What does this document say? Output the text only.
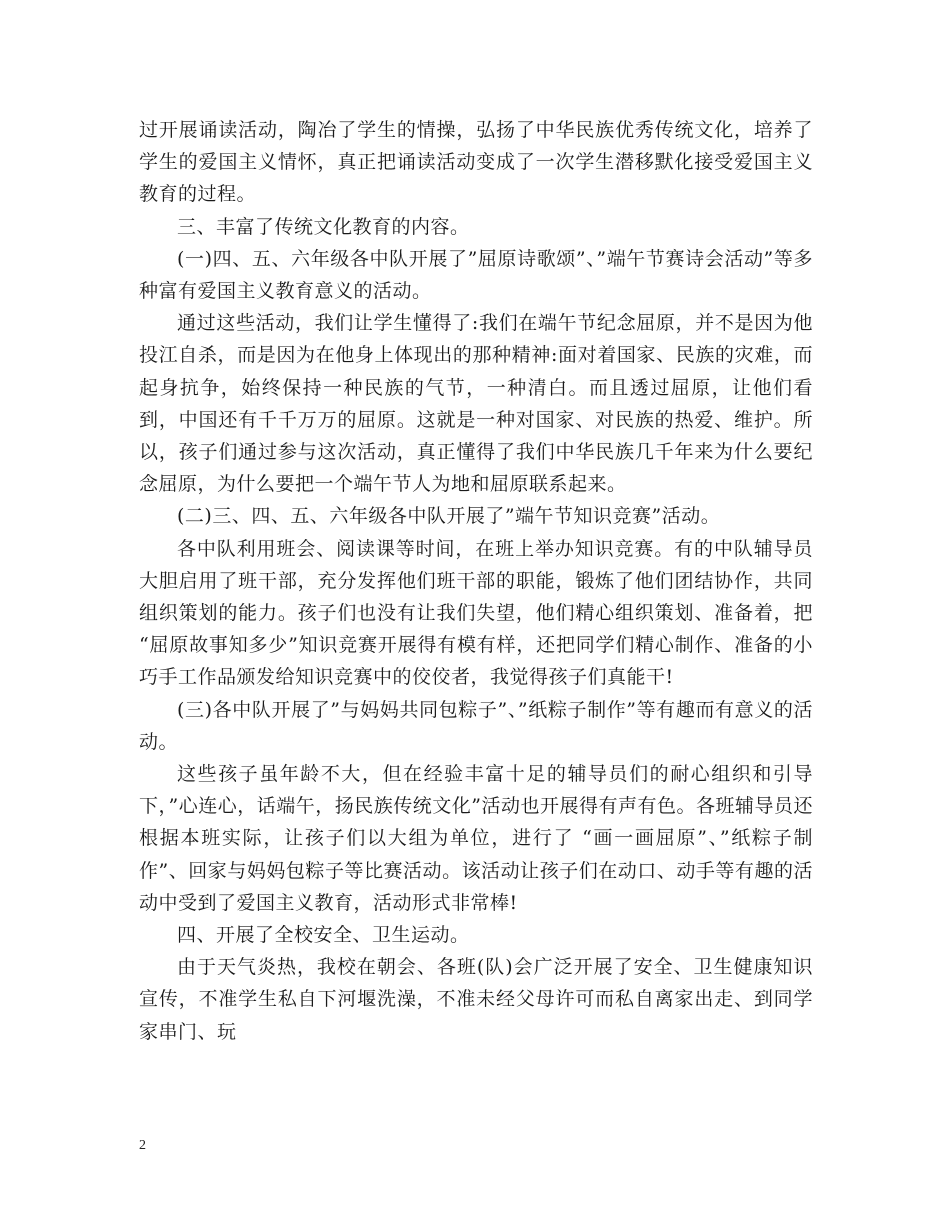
过开展诵读活动，陶冶了学生的情操，弘扬了中华民族优秀传统文化，培养了学生的爱国主义情怀，真正把诵读活动变成了一次学生潜移默化接受爱国主义教育的过程。

三、丰富了传统文化教育的内容。

(一)四、五、六年级各中队开展了”屈原诗歌颂”、”端午节赛诗会活动”等多种富有爱国主义教育意义的活动。

通过这些活动，我们让学生懂得了:我们在端午节纪念屈原，并不是因为他投江自杀，而是因为在他身上体现出的那种精神:面对着国家、民族的灾难，而起身抗争，始终保持一种民族的气节，一种清白。而且透过屈原，让他们看到，中国还有千千万万的屈原。这就是一种对国家、对民族的热爱、维护。所以，孩子们通过参与这次活动，真正懂得了我们中华民族几千年来为什么要纪念屈原，为什么要把一个端午节人为地和屈原联系起来。

(二)三、四、五、六年级各中队开展了”端午节知识竞赛”活动。

各中队利用班会、阅读课等时间，在班上举办知识竞赛。有的中队辅导员大胆启用了班干部，充分发挥他们班干部的职能，锻炼了他们团结协作，共同组织策划的能力。孩子们也没有让我们失望，他们精心组织策划、准备着，把 “屈原故事知多少”知识竞赛开展得有模有样，还把同学们精心制作、准备的小巧手工作品颁发给知识竞赛中的佼佼者，我觉得孩子们真能干!

(三)各中队开展了”与妈妈共同包粽子”、”纸粽子制作”等有趣而有意义的活动。

这些孩子虽年龄不大，但在经验丰富十足的辅导员们的耐心组织和引导下，”心连心，话端午，扬民族传统文化”活动也开展得有声有色。各班辅导员还根据本班实际，让孩子们以大组为单位，进行了 “画一画屈原”、”纸粽子制作”、回家与妈妈包粽子等比赛活动。该活动让孩子们在动口、动手等有趣的活动中受到了爱国主义教育，活动形式非常棒!

四、开展了全校安全、卫生运动。

由于天气炎热，我校在朝会、各班(队)会广泛开展了安全、卫生健康知识宣传，不准学生私自下河堰洗澡，不准未经父母许可而私自离家出走、到同学家串门、玩

2
